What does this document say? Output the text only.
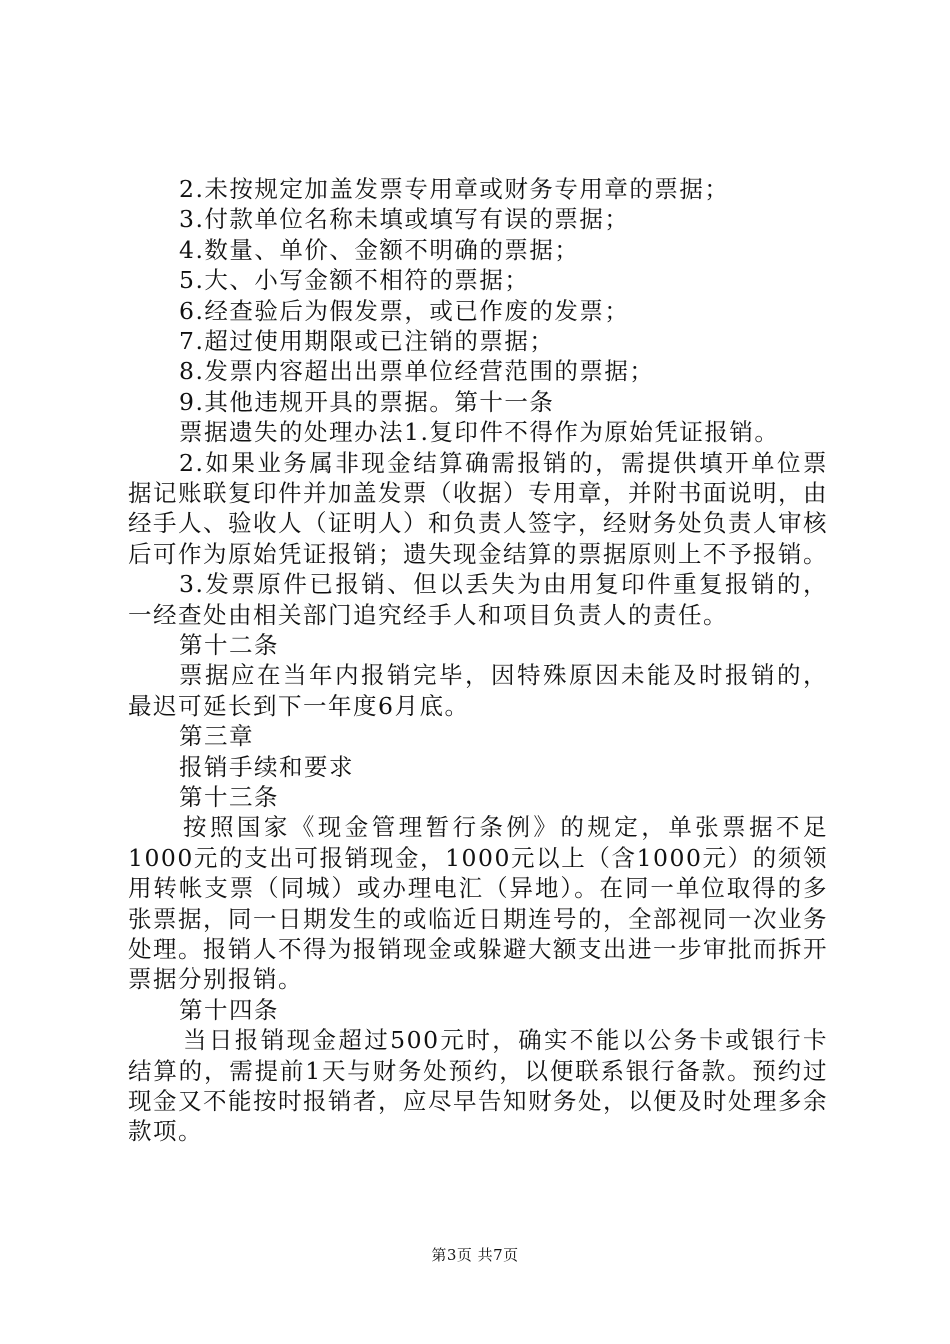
2.未按规定加盖发票专用章或财务专用章的票据；
3.付款单位名称未填或填写有误的票据；
4.数量、单价、金额不明确的票据；
5.大、小写金额不相符的票据；
6.经查验后为假发票，或已作废的发票；
7.超过使用期限或已注销的票据；
8.发票内容超出出票单位经营范围的票据；
9.其他违规开具的票据。第十一条
票据遗失的处理办法1.复印件不得作为原始凭证报销。
2.如果业务属非现金结算确需报销的，需提供填开单位票据记账联复印件并加盖发票（收据）专用章，并附书面说明，由经手人、验收人（证明人）和负责人签字，经财务处负责人审核后可作为原始凭证报销；遗失现金结算的票据原则上不予报销。
3.发票原件已报销、但以丢失为由用复印件重复报销的，一经查处由相关部门追究经手人和项目负责人的责任。
第十二条
票据应在当年内报销完毕，因特殊原因未能及时报销的，最迟可延长到下一年度6月底。
第三章
报销手续和要求
第十三条
按照国家《现金管理暂行条例》的规定，单张票据不足1000元的支出可报销现金，1000元以上（含1000元）的须领用转帐支票（同城）或办理电汇（异地）。在同一单位取得的多张票据，同一日期发生的或临近日期连号的，全部视同一次业务处理。报销人不得为报销现金或躲避大额支出进一步审批而拆开票据分别报销。
第十四条
当日报销现金超过500元时，确实不能以公务卡或银行卡结算的，需提前1天与财务处预约，以便联系银行备款。预约过现金又不能按时报销者，应尽早告知财务处，以便及时处理多余款项。
第3页 共7页
